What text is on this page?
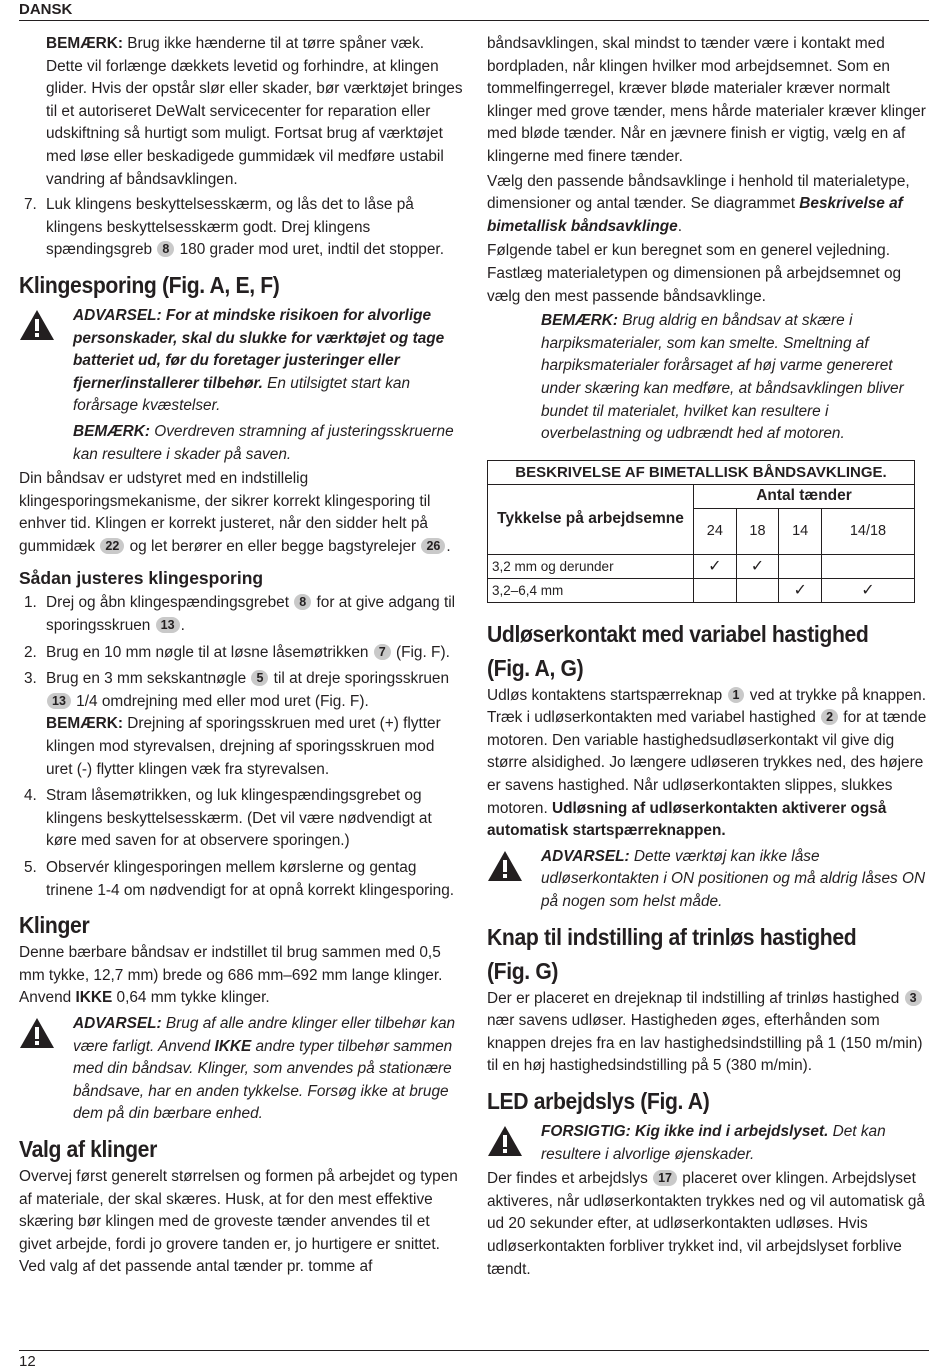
DANSK

BEMÆRK: Brug ikke hænderne til at tørre spåner væk. Dette vil forlænge dækkets levetid og forhindre, at klingen glider. Hvis der opstår slør eller skader, bør værktøjet bringes til et autoriseret DeWalt servicecenter for reparation eller udskiftning så hurtigt som muligt. Fortsat brug af værktøjet med løse eller beskadigede gummidæk vil medføre ustabil vandring af båndsavklingen.

7. Luk klingens beskyttelsesskærm, og lås det to låse på klingens beskyttelsesskærm godt. Drej klingens spændingsgreb 8 180 grader mod uret, indtil det stopper.
Klingesporing (Fig. A, E, F)

ADVARSEL: For at mindske risikoen for alvorlige personskader, skal du slukke for værktøjet og tage batteriet ud, før du foretager justeringer eller fjerner/installerer tilbehør. En utilsigtet start kan forårsage kvæstelser.

BEMÆRK: Overdreven stramning af justeringsskruerne kan resultere i skader på saven.

Din båndsav er udstyret med en indstillelig klingesporingsmekanisme, der sikrer korrekt klingesporing til enhver tid. Klingen er korrekt justeret, når den sidder helt på gummidæk 22 og let berører en eller begge bagstyrelejer 26 .

Sådan justeres klingesporing
1. Drej og åbn klingespændingsgrebet 8 for at give adgang til sporingsskruen 13 .
2. Brug en 10 mm nøgle til at løsne låsemøtrikken 7 (Fig. F).
3. Brug en 3 mm sekskantnøgle 5 til at dreje sporingsskruen 13 1/4 omdrejning med eller mod uret (Fig. F).
BEMÆRK: Drejning af sporingsskruen med uret (+) flytter klingen mod styrevalsen, drejning af sporingsskruen mod uret (-) flytter klingen væk fra styrevalsen.
4. Stram låsemøtrikken, og luk klingespændingsgrebet og klingens beskyttelsesskærm. (Det vil være nødvendigt at køre med saven for at observere sporingen.)
5. Observér klingesporingen mellem kørslerne og gentag trinene 1-4 om nødvendigt for at opnå korrekt klingesporing.
Klinger

Denne bærbare båndsav er indstillet til brug sammen med 0,5 mm tykke, 12,7 mm) brede og 686 mm–692 mm lange klinger. Anvend IKKE 0,64 mm tykke klinger.

ADVARSEL: Brug af alle andre klinger eller tilbehør kan være farligt. Anvend IKKE andre typer tilbehør sammen med din båndsav. Klinger, som anvendes på stationære båndsave, har en anden tykkelse. Forsøg ikke at bruge dem på din bærbare enhed.

Valg af klinger

Overvej først generelt størrelsen og formen på arbejdet og typen af materiale, der skal skæres. Husk, at for den mest effektive skæring bør klingen med de groveste tænder anvendes til et givet arbejde, fordi jo grovere tanden er, jo hurtigere er snittet. Ved valg af det passende antal tænder pr. tomme af

båndsavklingen, skal mindst to tænder være i kontakt med bordpladen, når klingen hvilker mod arbejdsemnet. Som en tommelfingerregel, kræver bløde materialer kræver normalt klinger med grove tænder, mens hårde materialer kræver klinger med bløde tænder. Når en jævnere finish er vigtig, vælg en af klingerne med finere tænder.

Vælg den passende båndsavklinge i henhold til materialetype, dimensioner og antal tænder. Se diagrammet Beskrivelse af bimetallisk båndsavklinge.

Følgende tabel er kun beregnet som en generel vejledning. Fastlæg materialetypen og dimensionen på arbejdsemnet og vælg den mest passende båndsavklinge.

BEMÆRK: Brug aldrig en båndsav at skære i harpiksmaterialer, som kan smelte. Smeltning af harpiksmaterialer forårsaget af høj varme genereret under skæring kan medføre, at båndsavklingen bliver bundet til materialet, hvilket kan resultere i overbelastning og udbrændt hed af motoren.

BESKRIVELSE AF BIMETALLISK BÅNDSAVKLINGE.				
Tykkelse på arbejdsemne	Antal tænder			
	24	18	14	14/18
3,2 mm og derunder	✓	✓		
3,2–6,4 mm			✓	✓
Udløserkontakt med variabel hastighed
(Fig. A, G)

Udløs kontaktens startspærreknap 1 ved at trykke på knappen. Træk i udløserkontakten med variabel hastighed 2 for at tænde motoren. Den variable hastighedsudløserkontakt vil give dig større alsidighed. Jo længere udløseren trykkes ned, des højere er savens hastighed. Når udløserkontakten slippes, slukkes motoren. Udløsning af udløserkontakten aktiverer også automatisk startspærreknappen.

ADVARSEL: Dette værktøj kan ikke låse udløserkontakten i ON positionen og må aldrig låses ON på nogen som helst måde.

Knap til indstilling af trinløs hastighed
(Fig. G)

Der er placeret en drejeknap til indstilling af trinløs hastighed 3 nær savens udløser. Hastigheden øges, efterhånden som knappen drejes fra en lav hastighedsindstilling på 1 (150 m/min) til en høj hastighedsindstilling på 5 (380 m/min).

LED arbejdslys (Fig. A)

FORSIGTIG: Kig ikke ind i arbejdslyset. Det kan resultere i alvorlige øjenskader.

Der findes et arbejdslys 17 placeret over klingen. Arbejdslyset aktiveres, når udløserkontakten trykkes ned og vil automatisk gå ud 20 sekunder efter, at udløserkontakten udløses. Hvis udløserkontakten forbliver trykket ind, vil arbejdslyset forblive tændt.

12
